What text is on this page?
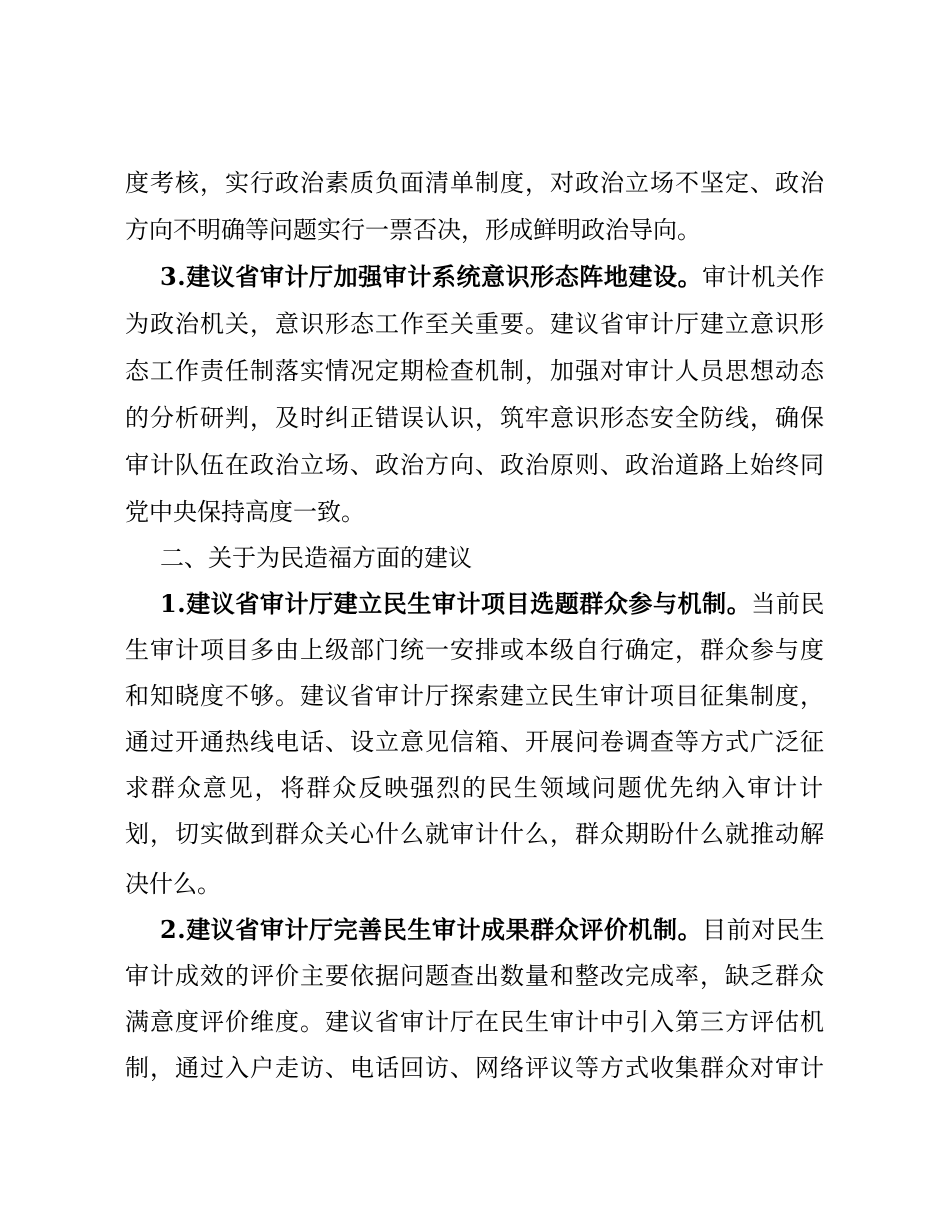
度考核，实行政治素质负面清单制度，对政治立场不坚定、政治
方向不明确等问题实行一票否决，形成鲜明政治导向。
3.建议省审计厅加强审计系统意识形态阵地建设。 审计机关作
为政治机关，意识形态工作至关重要。建议省审计厅建立意识形
态工作责任制落实情况定期检查机制，加强对审计人员思想动态
的分析研判，及时纠正错误认识，筑牢意识形态安全防线，确保
审计队伍在政治立场、政治方向、政治原则、政治道路上始终同
党中央保持高度一致。
二、关于为民造福方面的建议
1.建议省审计厅建立民生审计项目选题群众参与机制。 当前民
生审计项目多由上级部门统一安排或本级自行确定，群众参与度
和知晓度不够。建议省审计厅探索建立民生审计项目征集制度，
通过开通热线电话、设立意见信箱、开展问卷调查等方式广泛征
求群众意见，将群众反映强烈的民生领域问题优先纳入审计计
划，切实做到群众关心什么就审计什么，群众期盼什么就推动解
决什么。
2.建议省审计厅完善民生审计成果群众评价机制。 目前对民生
审计成效的评价主要依据问题查出数量和整改完成率，缺乏群众
满意度评价维度。建议省审计厅在民生审计中引入第三方评估机
制，通过入户走访、电话回访、网络评议等方式收集群众对审计
